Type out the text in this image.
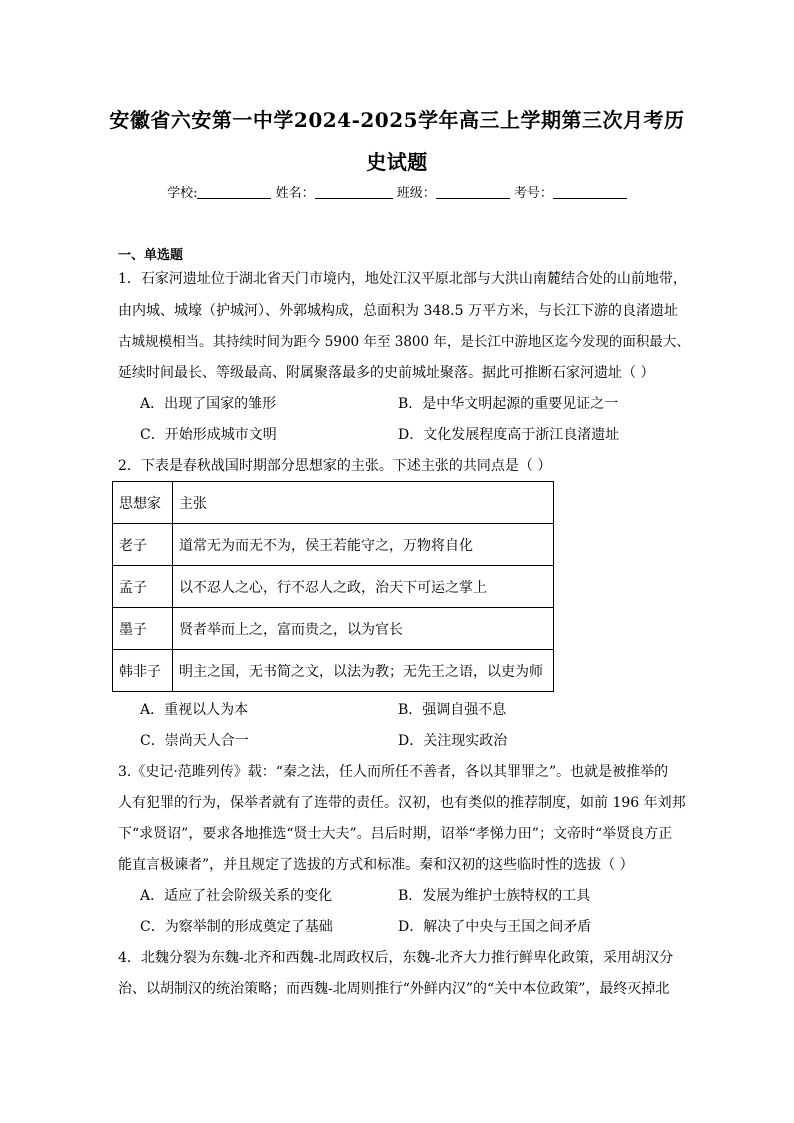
安徽省六安第一中学2024-2025学年高三上学期第三次月考历
史试题
学校:	姓名：	班级：	考号：
一、单选题
1．石家河遗址位于湖北省天门市境内，地处江汉平原北部与大洪山南麓结合处的山前地带，
由内城、城壕（护城河）、外郭城构成，总面积为 348.5 万平方米，与长江下游的良渚遗址
古城规模相当。其持续时间为距今 5900 年至 3800 年，是长江中游地区迄今发现的面积最大、
延续时间最长、等级最高、附属聚落最多的史前城址聚落。据此可推断石家河遗址（ ）
A．出现了国家的雏形	B．是中华文明起源的重要见证之一
C．开始形成城市文明	D．文化发展程度高于浙江良渚遗址
2．下表是春秋战国时期部分思想家的主张。下述主张的共同点是（ ）
思想家	主张
老子	道常无为而无不为，侯王若能守之，万物将自化
孟子	以不忍人之心，行不忍人之政，治天下可运之掌上
墨子	贤者举而上之，富而贵之，以为官长
韩非子	明主之国，无书简之文，以法为教；无先王之语，以吏为师
A．重视以人为本	B．强调自强不息
C．崇尚天人合一	D．关注现实政治
3.《史记·范雎列传》载：“秦之法，任人而所任不善者，各以其罪罪之”。也就是被推举的
人有犯罪的行为，保举者就有了连带的责任。汉初，也有类似的推荐制度，如前 196 年刘邦
下“求贤诏”，要求各地推选“贤士大夫”。吕后时期，诏举“孝悌力田”；文帝时“举贤良方正
能直言极谏者”，并且规定了选拔的方式和标准。秦和汉初的这些临时性的选拔（ ）
A．适应了社会阶级关系的变化	B．发展为维护士族特权的工具
C．为察举制的形成奠定了基础	D．解决了中央与王国之间矛盾
4．北魏分裂为东魏-北齐和西魏-北周政权后，东魏-北齐大力推行鲜卑化政策，采用胡汉分
治、以胡制汉的统治策略；而西魏-北周则推行“外鲜内汉”的“关中本位政策”，最终灭掉北
